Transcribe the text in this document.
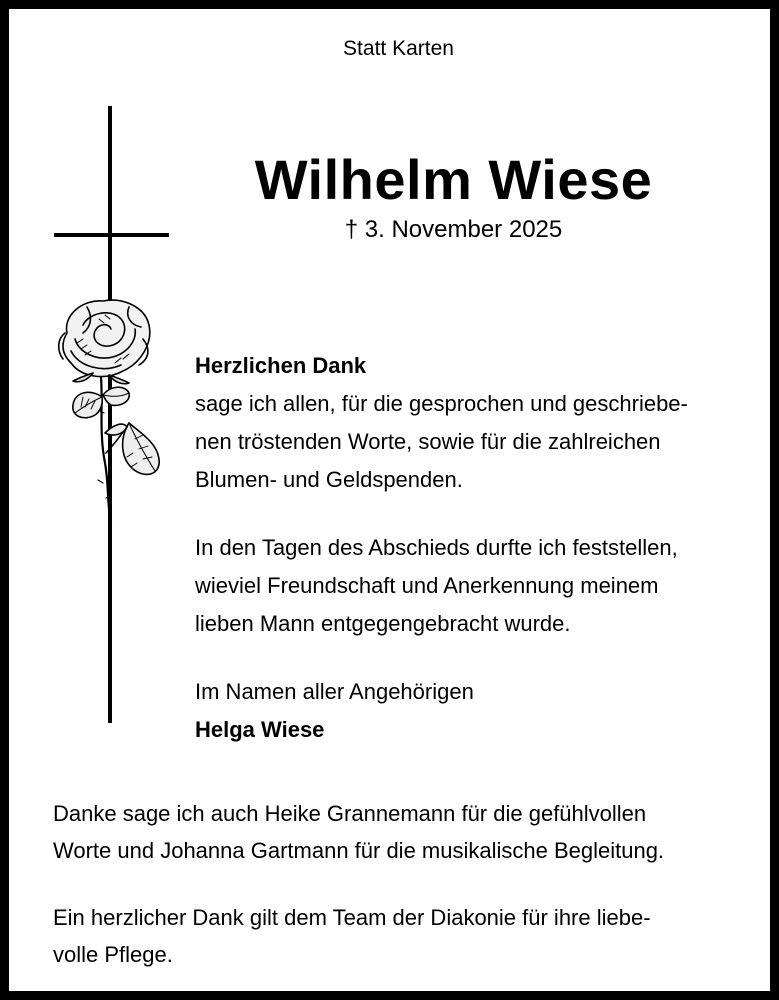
Statt Karten
Wilhelm Wiese
† 3. November 2025

Herzlichen Dank

sage ich allen, für die gesprochen und geschriebe-

nen tröstenden Worte, sowie für die zahlreichen

Blumen- und Geldspenden.

In den Tagen des Abschieds durfte ich feststellen,

wieviel Freundschaft und Anerkennung meinem

lieben Mann entgegengebracht wurde.

Im Namen aller Angehörigen

Helga Wiese

Danke sage ich auch Heike Grannemann für die gefühlvollen

Worte und Johanna Gartmann für die musikalische Begleitung.

Ein herzlicher Dank gilt dem Team der Diakonie für ihre liebe-

volle Pflege.
